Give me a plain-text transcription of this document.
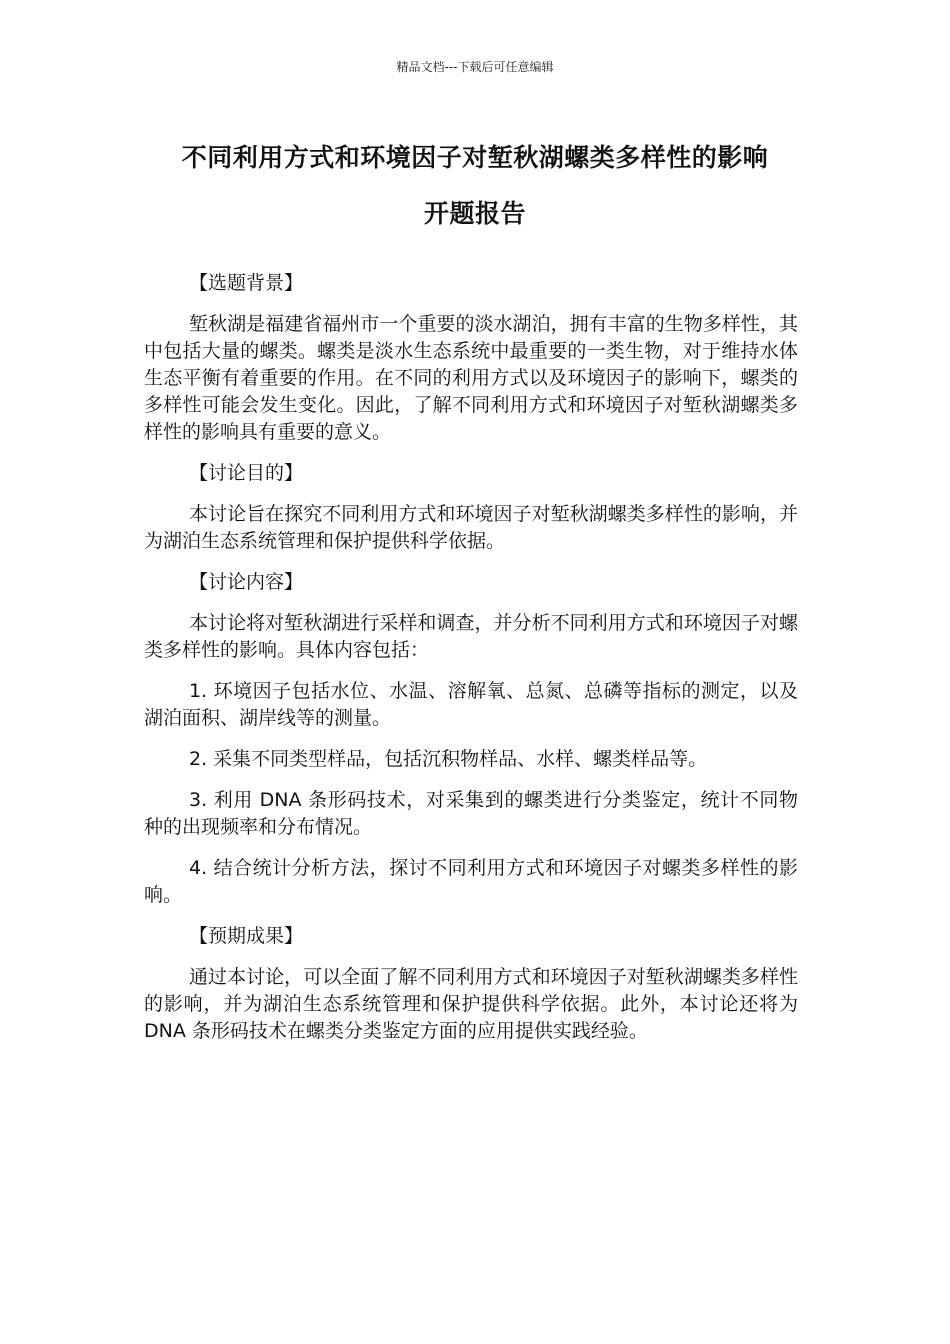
精品文档---下载后可任意编辑
不同利用方式和环境因子对堑秋湖螺类多样性的影响
开题报告

【选题背景】

堑秋湖是福建省福州市一个重要的淡水湖泊，拥有丰富的生物多样性，其中包括大量的螺类。螺类是淡水生态系统中最重要的一类生物，对于维持水体生态平衡有着重要的作用。在不同的利用方式以及环境因子的影响下，螺类的多样性可能会发生变化。因此，了解不同利用方式和环境因子对堑秋湖螺类多样性的影响具有重要的意义。

【讨论目的】

本讨论旨在探究不同利用方式和环境因子对堑秋湖螺类多样性的影响，并为湖泊生态系统管理和保护提供科学依据。

【讨论内容】

本讨论将对堑秋湖进行采样和调查，并分析不同利用方式和环境因子对螺类多样性的影响。具体内容包括：

1. 环境因子包括水位、水温、溶解氧、总氮、总磷等指标的测定，以及湖泊面积、湖岸线等的测量。

2. 采集不同类型样品，包括沉积物样品、水样、螺类样品等。

3. 利用 DNA 条形码技术，对采集到的螺类进行分类鉴定，统计不同物种的出现频率和分布情况。

4. 结合统计分析方法，探讨不同利用方式和环境因子对螺类多样性的影响。

【预期成果】

通过本讨论，可以全面了解不同利用方式和环境因子对堑秋湖螺类多样性的影响，并为湖泊生态系统管理和保护提供科学依据。此外，本讨论还将为 DNA 条形码技术在螺类分类鉴定方面的应用提供实践经验。
